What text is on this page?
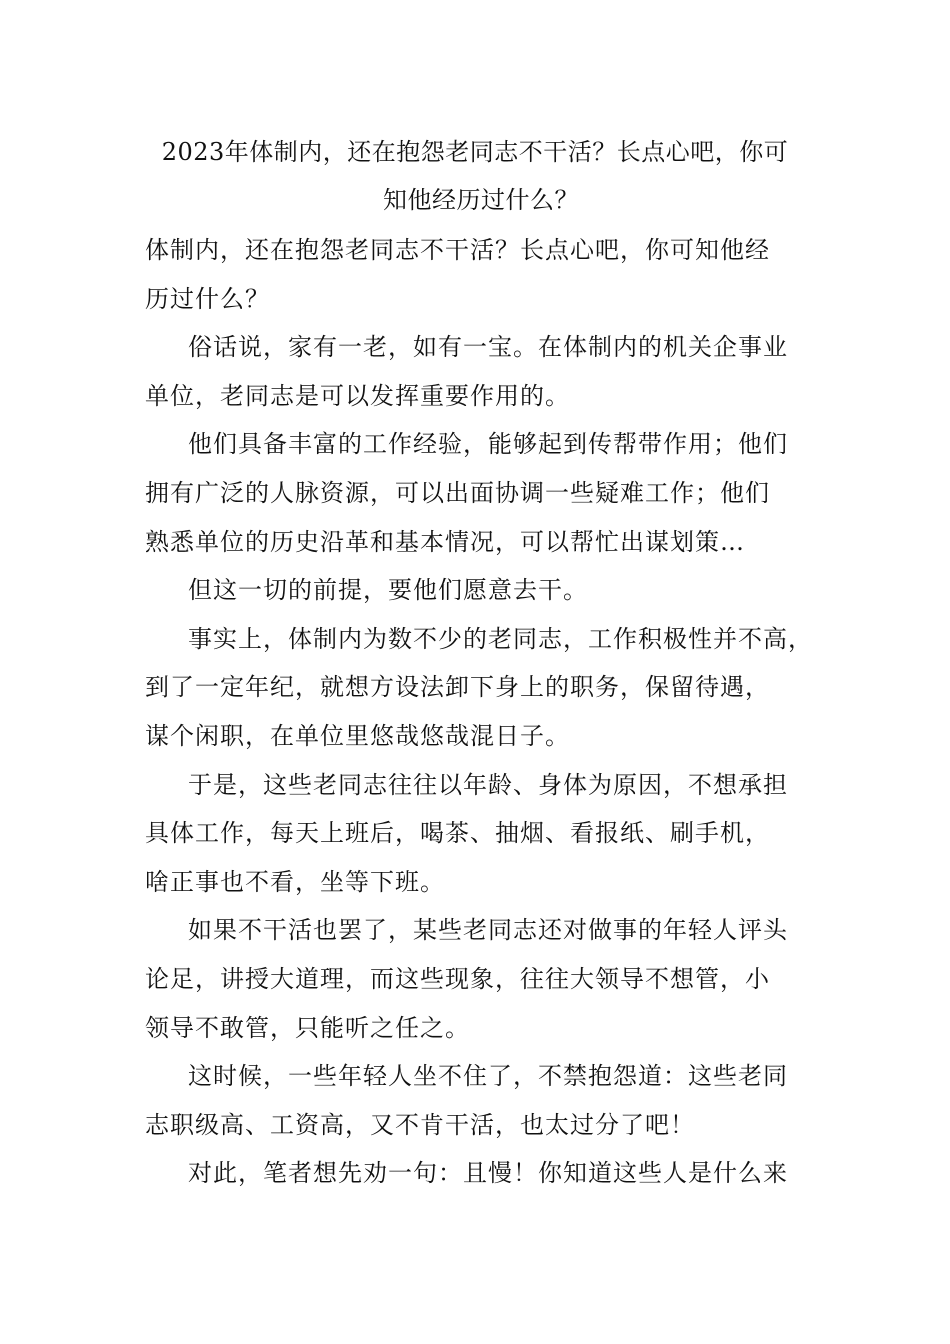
2023年体制内，还在抱怨老同志不干活？长点心吧，你可
知他经历过什么？
体制内，还在抱怨老同志不干活？长点心吧，你可知他经
历过什么？
俗话说，家有一老，如有一宝。在体制内的机关企事业
单位，老同志是可以发挥重要作用的。
他们具备丰富的工作经验，能够起到传帮带作用；他们
拥有广泛的人脉资源，可以出面协调一些疑难工作；他们
熟悉单位的历史沿革和基本情况，可以帮忙出谋划策…
但这一切的前提，要他们愿意去干。
事实上，体制内为数不少的老同志，工作积极性并不高，
到了一定年纪，就想方设法卸下身上的职务，保留待遇，
谋个闲职，在单位里悠哉悠哉混日子。
于是，这些老同志往往以年龄、身体为原因，不想承担
具体工作，每天上班后，喝茶、抽烟、看报纸、刷手机，
啥正事也不看，坐等下班。
如果不干活也罢了，某些老同志还对做事的年轻人评头
论足，讲授大道理，而这些现象，往往大领导不想管，小
领导不敢管，只能听之任之。
这时候，一些年轻人坐不住了，不禁抱怨道：这些老同
志职级高、工资高，又不肯干活，也太过分了吧！
对此，笔者想先劝一句：且慢！你知道这些人是什么来
